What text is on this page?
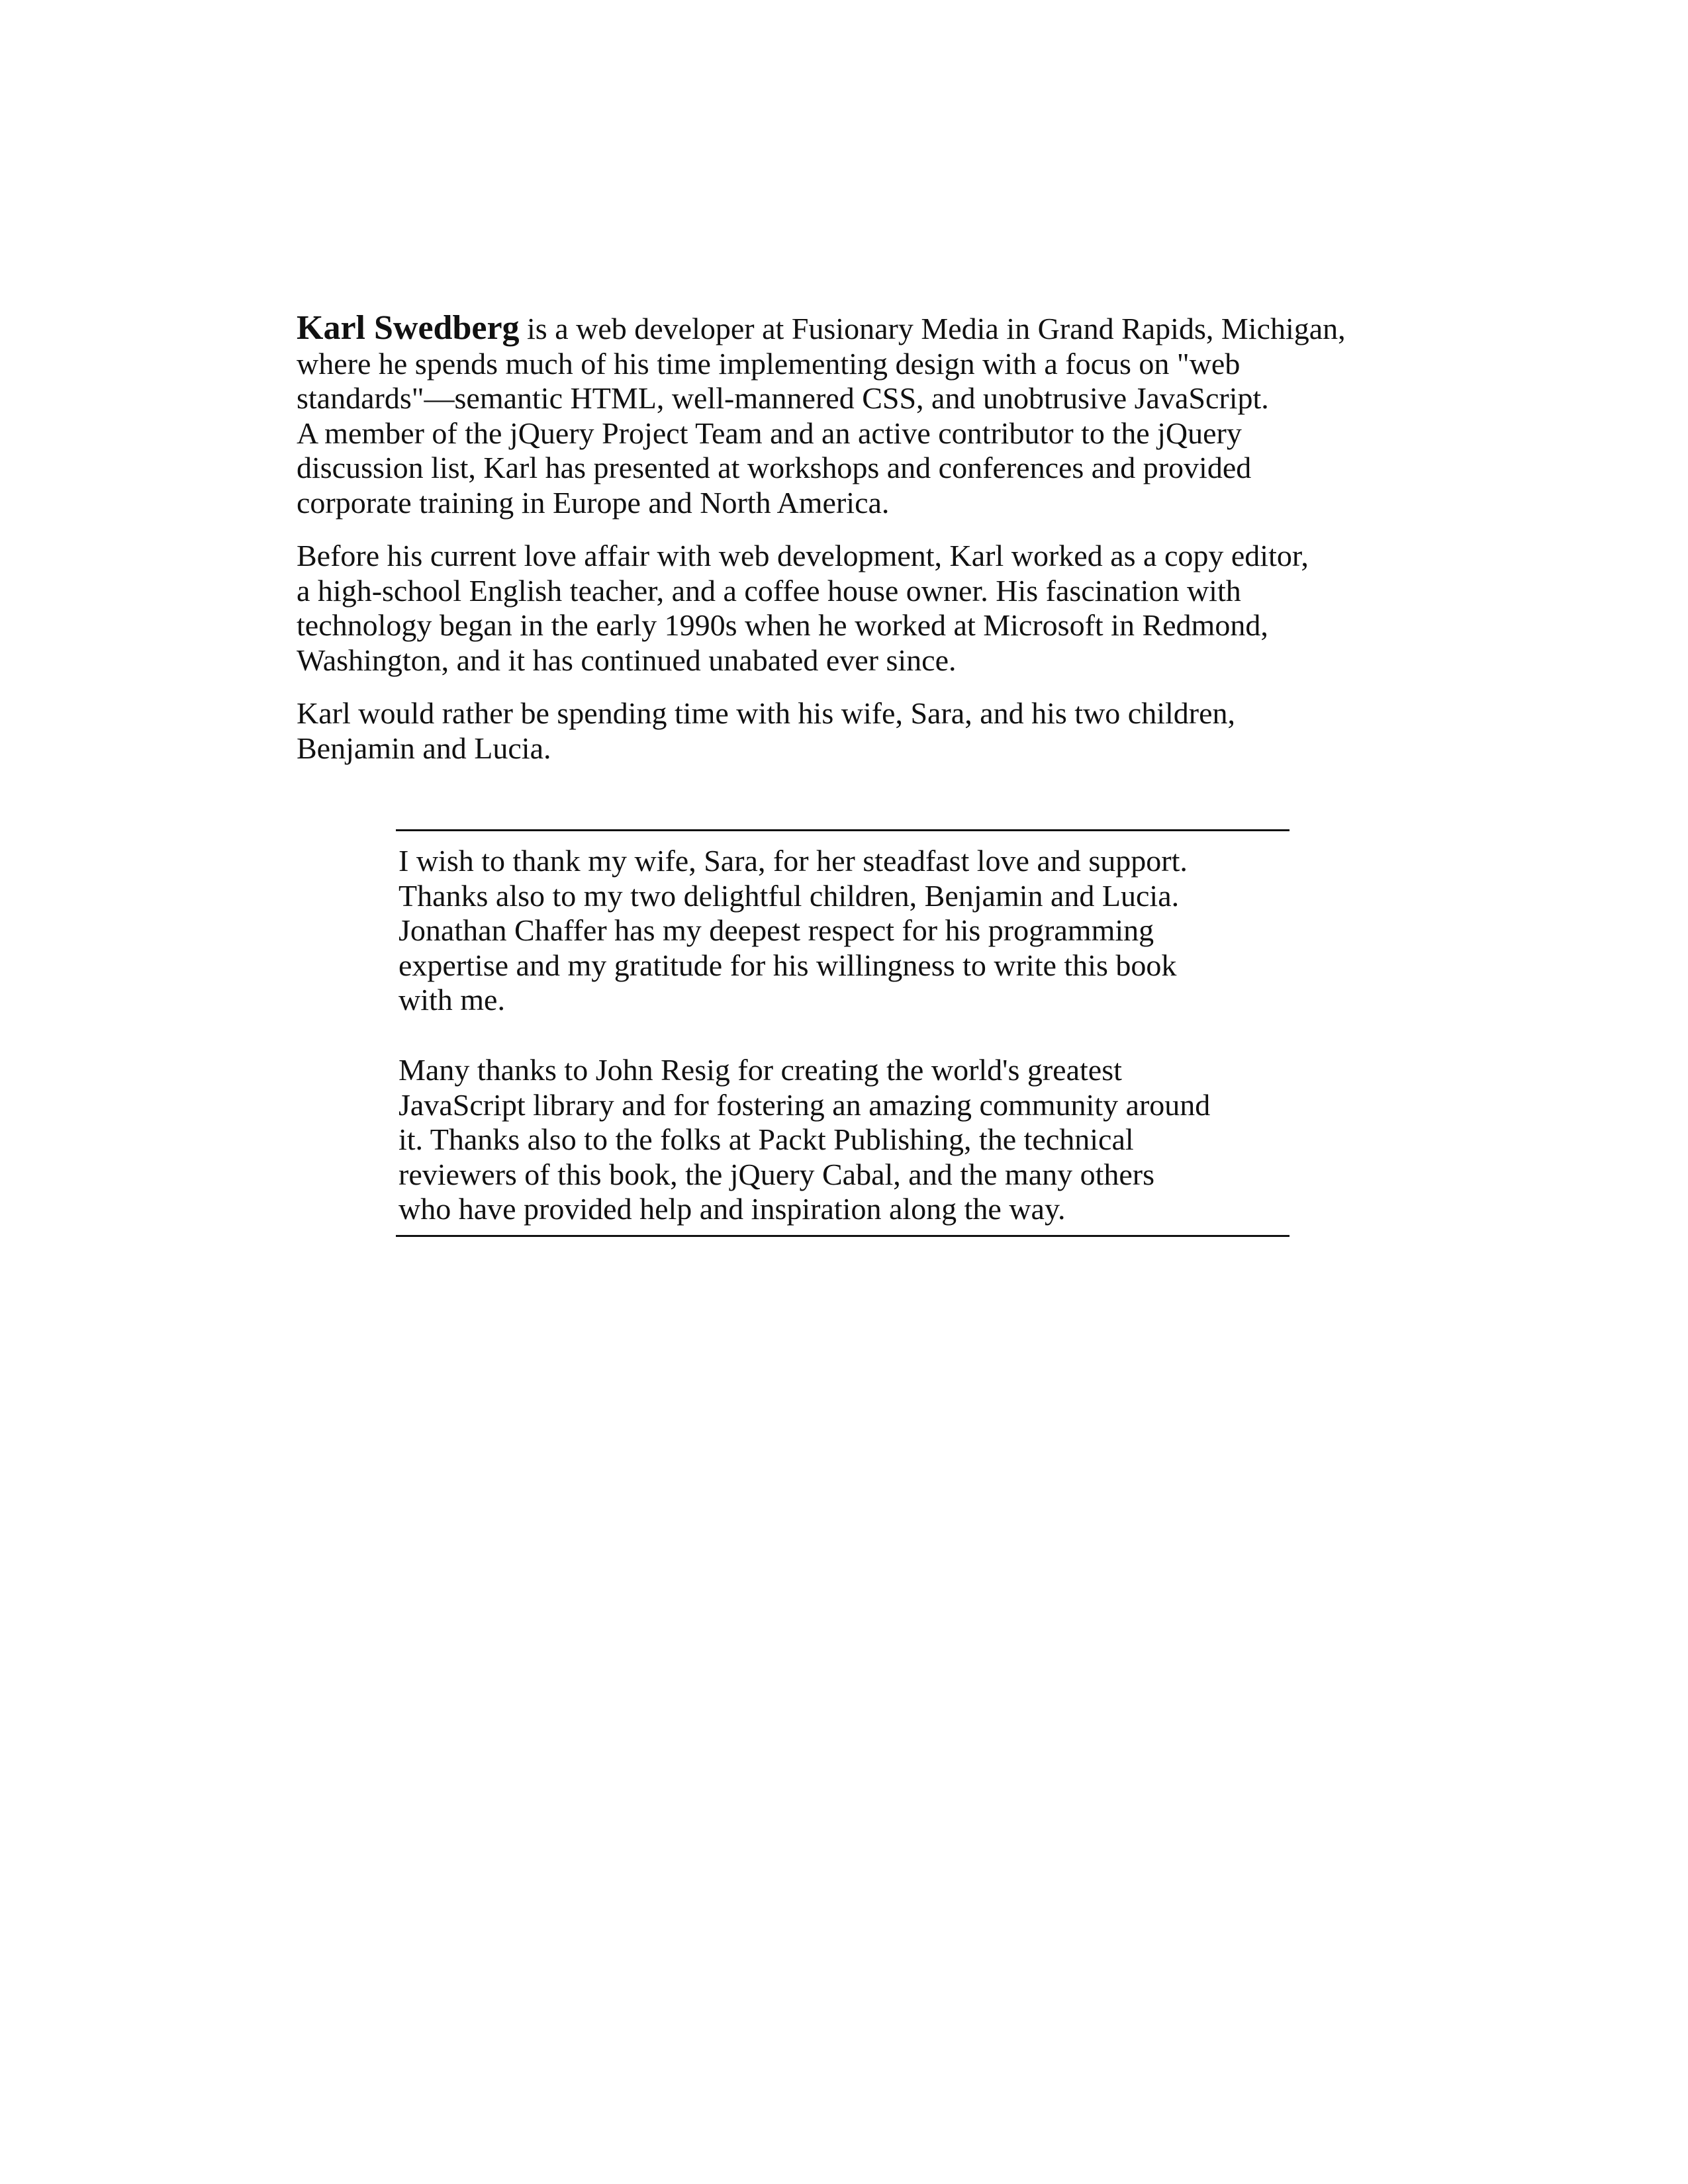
Karl Swedberg is a web developer at Fusionary Media in Grand Rapids, Michigan,
where he spends much of his time implementing design with a focus on "web
standards"—semantic HTML, well-mannered CSS, and unobtrusive JavaScript.
A member of the jQuery Project Team and an active contributor to the jQuery
discussion list, Karl has presented at workshops and conferences and provided
corporate training in Europe and North America.

Before his current love affair with web development, Karl worked as a copy editor,
a high-school English teacher, and a coffee house owner. His fascination with
technology began in the early 1990s when he worked at Microsoft in Redmond,
Washington, and it has continued unabated ever since.

Karl would rather be spending time with his wife, Sara, and his two children,
Benjamin and Lucia.

I wish to thank my wife, Sara, for her steadfast love and support.
Thanks also to my two delightful children, Benjamin and Lucia.
Jonathan Chaffer has my deepest respect for his programming
expertise and my gratitude for his willingness to write this book
with me.

Many thanks to John Resig for creating the world's greatest
JavaScript library and for fostering an amazing community around
it. Thanks also to the folks at Packt Publishing, the technical
reviewers of this book, the jQuery Cabal, and the many others
who have provided help and inspiration along the way.
